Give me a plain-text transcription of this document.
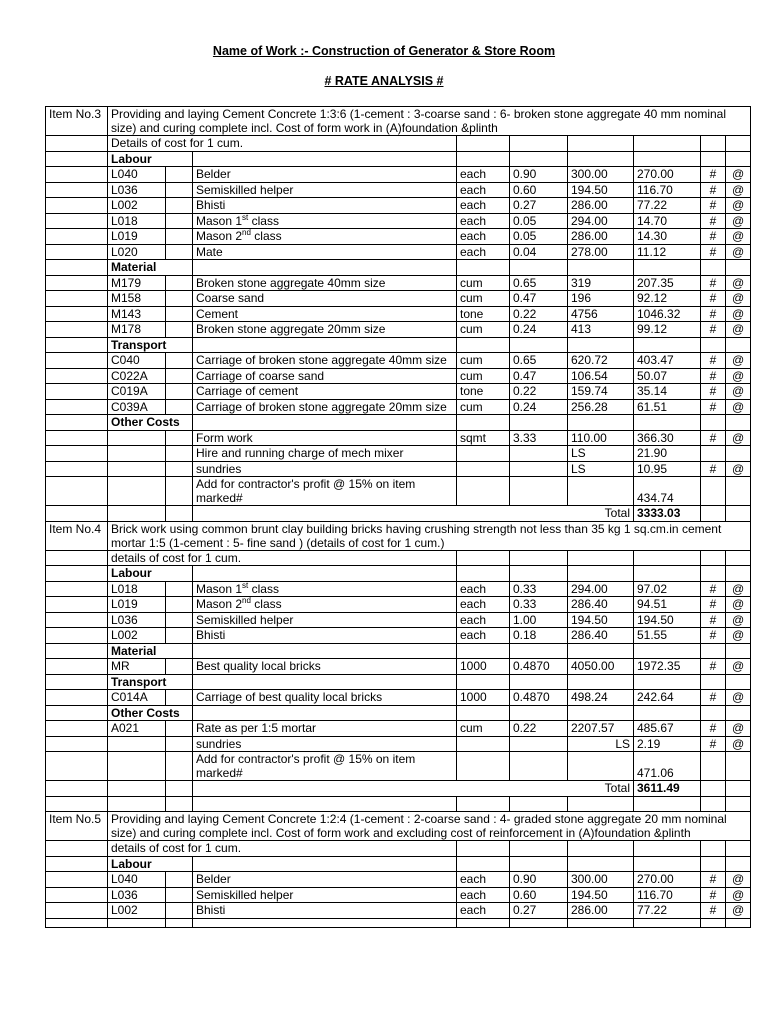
Name of Work :- Construction of Generator & Store Room
# RATE ANALYSIS #
Item No.3	Providing and laying Cement Concrete 1:3:6 (1-cement : 3-coarse sand : 6- broken stone aggregate 40 mm nominal size) and curing complete incl. Cost of form work in (A)foundation &plinth								
	Details of cost for 1 cum.								
	Labour								
	L040		Belder	each	0.90	300.00	270.00	#	@
	L036		Semiskilled helper	each	0.60	194.50	116.70	#	@
	L002		Bhisti	each	0.27	286.00	77.22	#	@
	L018		Mason 1st class	each	0.05	294.00	14.70	#	@
	L019		Mason 2nd class	each	0.05	286.00	14.30	#	@
	L020		Mate	each	0.04	278.00	11.12	#	@
	Material								
	M179		Broken stone aggregate 40mm size	cum	0.65	319	207.35	#	@
	M158		Coarse sand	cum	0.47	196	92.12	#	@
	M143		Cement	tone	0.22	4756	1046.32	#	@
	M178		Broken stone aggregate 20mm size	cum	0.24	413	99.12	#	@
	Transport								
	C040		Carriage of broken stone aggregate 40mm size	cum	0.65	620.72	403.47	#	@
	C022A		Carriage of coarse sand	cum	0.47	106.54	50.07	#	@
	C019A		Carriage of cement	tone	0.22	159.74	35.14	#	@
	C039A		Carriage of broken stone aggregate 20mm size	cum	0.24	256.28	61.51	#	@
	Other Costs								
			Form work	sqmt	3.33	110.00	366.30	#	@
			Hire and running charge of mech mixer			LS	21.90		
			sundries			LS	10.95	#	@
			Add for contractor's profit @ 15% on item marked#				434.74		
			Total				3333.03		
Item No.4	Brick work using common brunt clay building bricks having crushing strength not less than 35 kg 1 sq.cm.in cement mortar 1:5 (1-cement : 5- fine sand ) (details of cost for 1 cum.)								
	details of cost for 1 cum.								
	Labour								
	L018		Mason 1st class	each	0.33	294.00	97.02	#	@
	L019		Mason 2nd class	each	0.33	286.40	94.51	#	@
	L036		Semiskilled helper	each	1.00	194.50	194.50	#	@
	L002		Bhisti	each	0.18	286.40	51.55	#	@
	Material								
	MR		Best quality local bricks	1000	0.4870	4050.00	1972.35	#	@
	Transport								
	C014A		Carriage of best quality local bricks	1000	0.4870	498.24	242.64	#	@
	Other Costs								
	A021		Rate as per 1:5 mortar	cum	0.22	2207.57	485.67	#	@
			sundries			LS	2.19	#	@
			Add for contractor's profit @ 15% on item marked#				471.06		
			Total				3611.49		

Item No.5	Providing and laying Cement Concrete 1:2:4 (1-cement : 2-coarse sand : 4- graded stone aggregate 20 mm nominal size) and curing complete incl. Cost of form work and excluding cost of reinforcement in (A)foundation &plinth								
	details of cost for 1 cum.								
	Labour								
	L040		Belder	each	0.90	300.00	270.00	#	@
	L036		Semiskilled helper	each	0.60	194.50	116.70	#	@
	L002		Bhisti	each	0.27	286.00	77.22	#	@
